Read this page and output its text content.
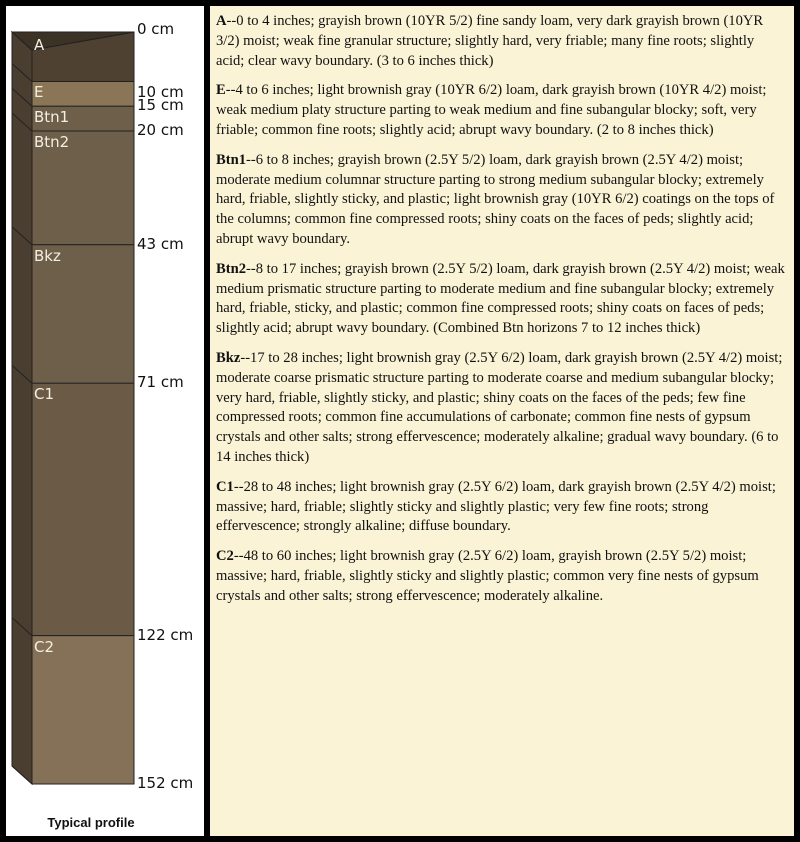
0 cm
10 cm
15 cm
20 cm
43 cm
71 cm
122 cm
152 cm
A
E
Btn1
Btn2
Bkz
C1
C2
Typical profile

A--0 to 4 inches; grayish brown (10YR 5/2) fine sandy loam, very dark grayish brown (10YR 3/2) moist; weak fine granular structure; slightly hard, very friable; many fine roots; slightly acid; clear wavy boundary. (3 to 6 inches thick)

E--4 to 6 inches; light brownish gray (10YR 6/2) loam, dark grayish brown (10YR 4/2) moist; weak medium platy structure parting to weak medium and fine subangular blocky; soft, very friable; common fine roots; slightly acid; abrupt wavy boundary. (2 to 8 inches thick)

Btn1--6 to 8 inches; grayish brown (2.5Y 5/2) loam, dark grayish brown (2.5Y 4/2) moist; moderate medium columnar structure parting to strong medium subangular blocky; extremely hard, friable, slightly sticky, and plastic; light brownish gray (10YR 6/2) coatings on the tops of the columns; common fine compressed roots; shiny coats on the faces of peds; slightly acid; abrupt wavy boundary.

Btn2--8 to 17 inches; grayish brown (2.5Y 5/2) loam, dark grayish brown (2.5Y 4/2) moist; weak medium prismatic structure parting to moderate medium and fine subangular blocky; extremely hard, friable, sticky, and plastic; common fine compressed roots; shiny coats on faces of peds; slightly acid; abrupt wavy boundary. (Combined Btn horizons 7 to 12 inches thick)

Bkz--17 to 28 inches; light brownish gray (2.5Y 6/2) loam, dark grayish brown (2.5Y 4/2) moist; moderate coarse prismatic structure parting to moderate coarse and medium subangular blocky; very hard, friable, slightly sticky, and plastic; shiny coats on the faces of the peds; few fine compressed roots; common fine accumulations of carbonate; common fine nests of gypsum crystals and other salts; strong effervescence; moderately alkaline; gradual wavy boundary. (6 to 14 inches thick)

C1--28 to 48 inches; light brownish gray (2.5Y 6/2) loam, dark grayish brown (2.5Y 4/2) moist; massive; hard, friable; slightly sticky and slightly plastic; very few fine roots; strong effervescence; strongly alkaline; diffuse boundary.

C2--48 to 60 inches; light brownish gray (2.5Y 6/2) loam, grayish brown (2.5Y 5/2) moist; massive; hard, friable, slightly sticky and slightly plastic; common very fine nests of gypsum crystals and other salts; strong effervescence; moderately alkaline.
